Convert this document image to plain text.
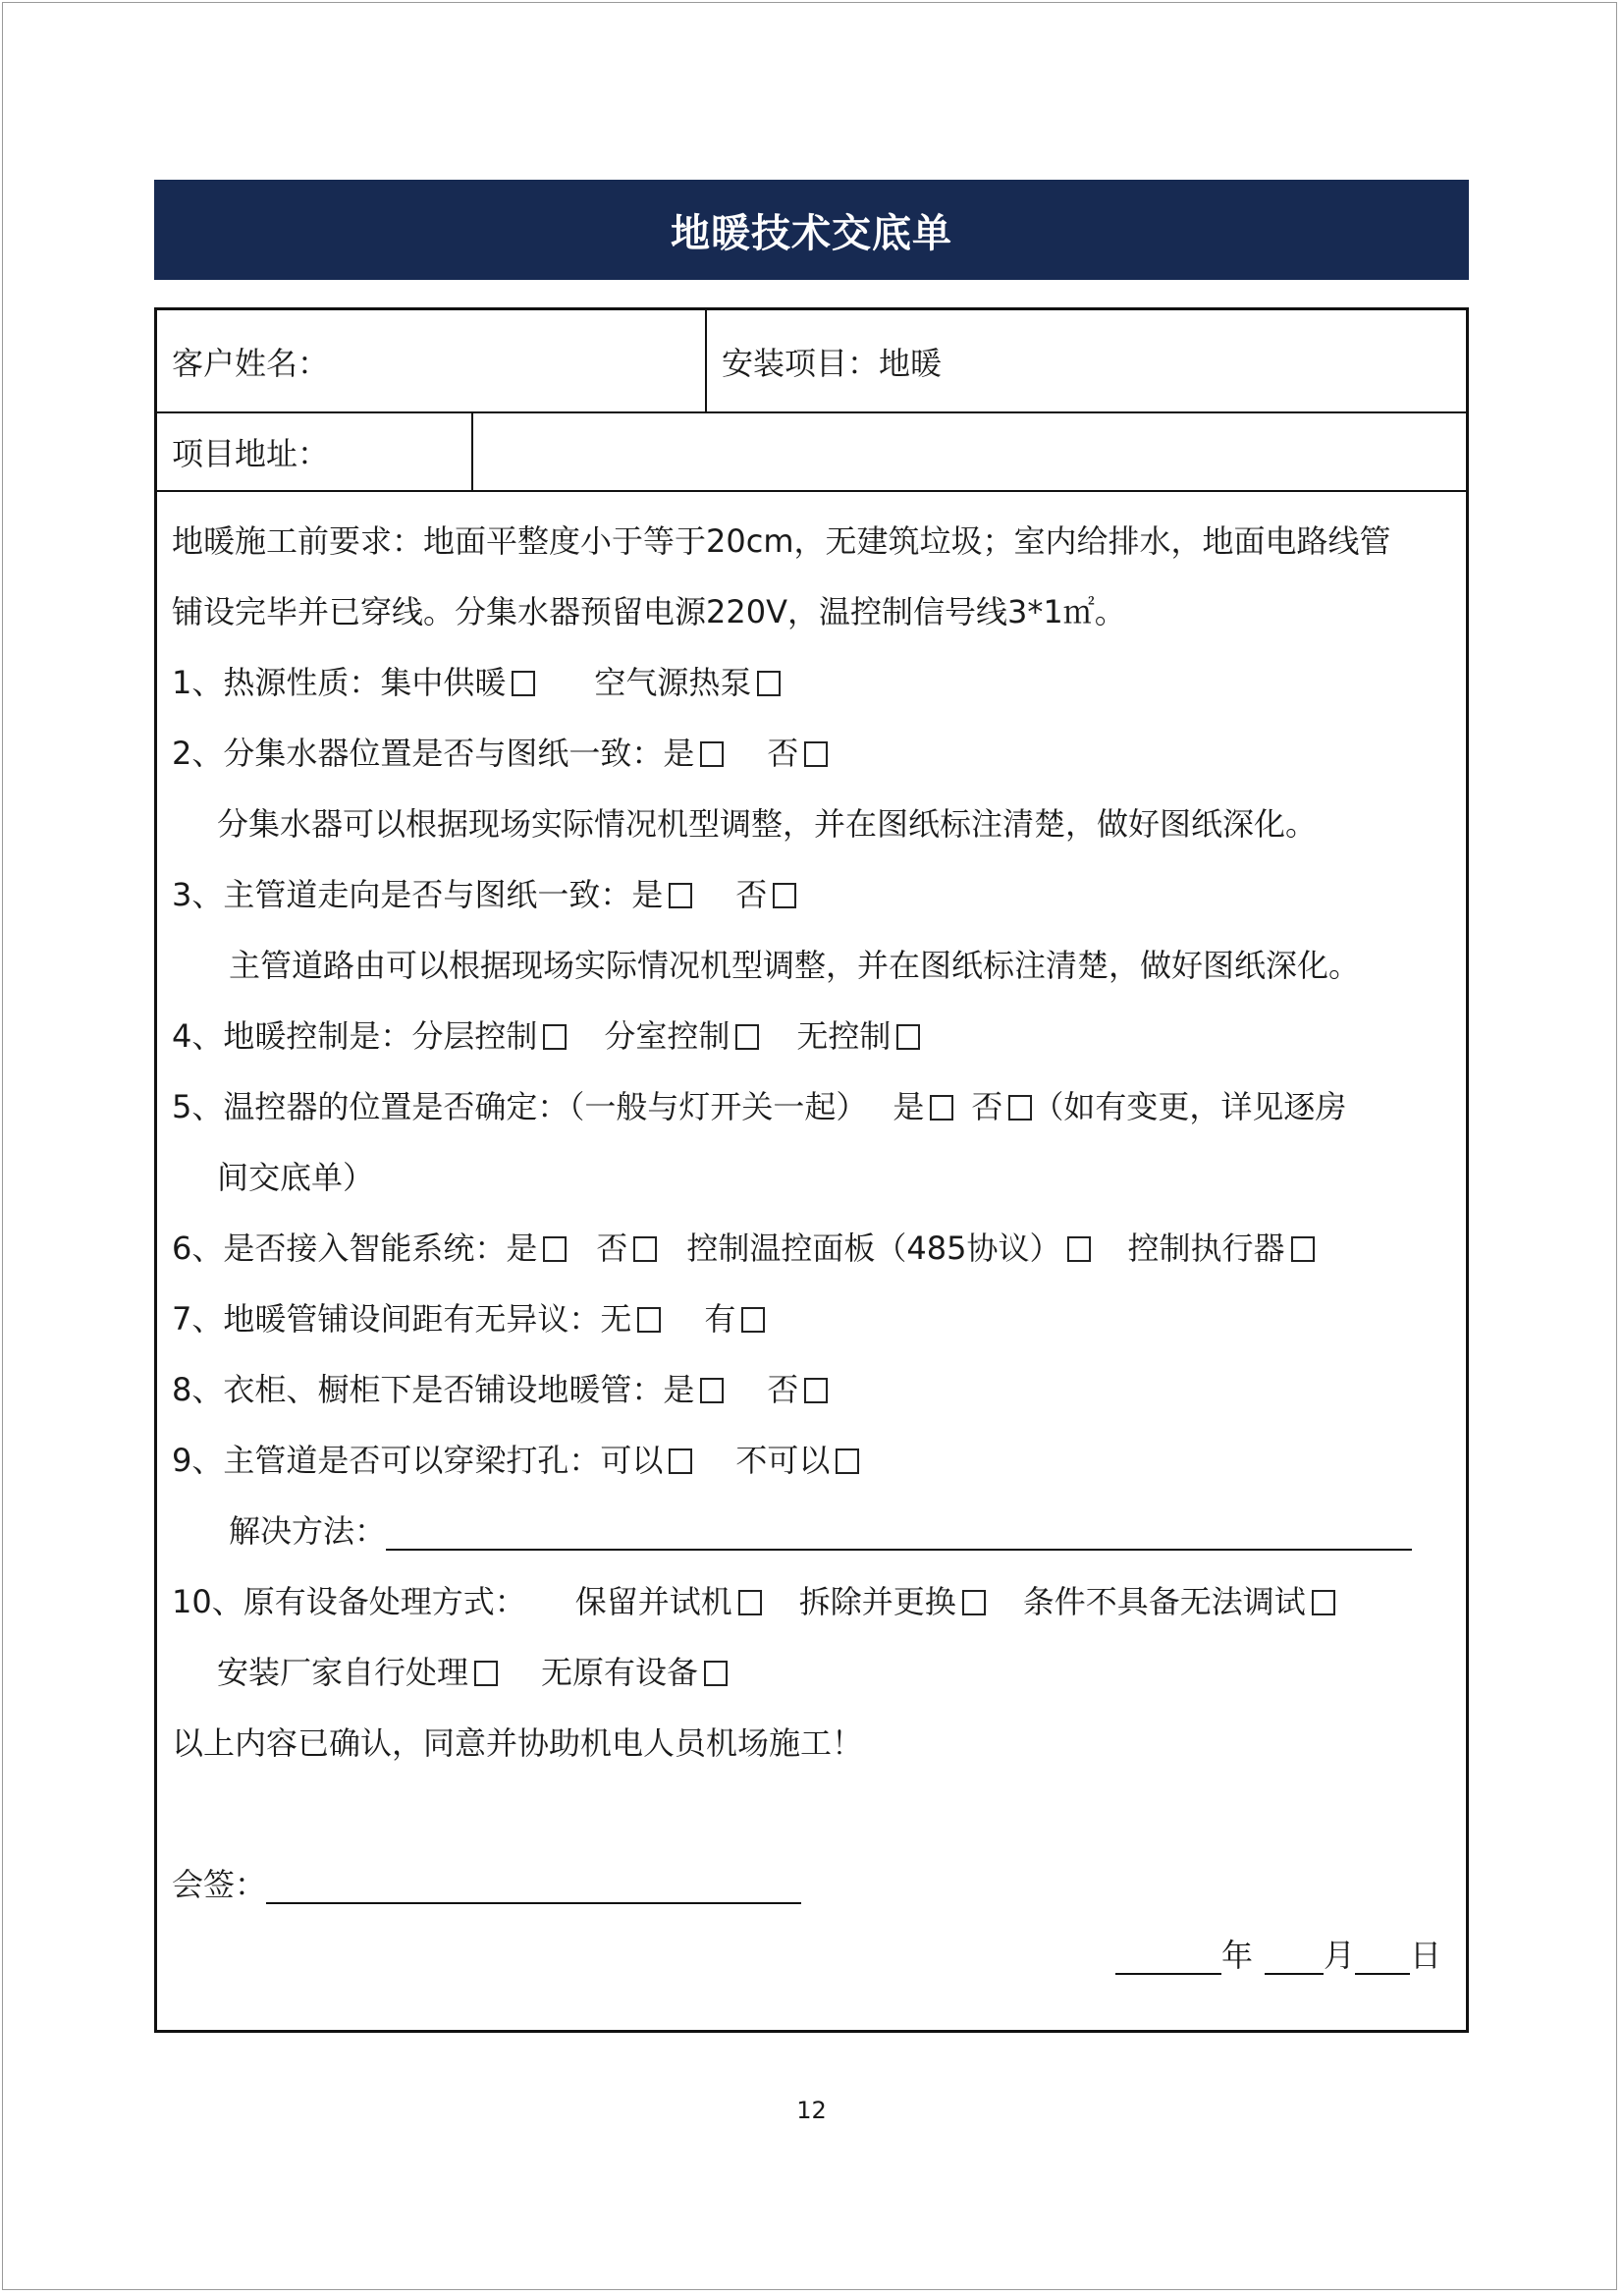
地暖技术交底单
客户姓名：	安装项目：地暖
项目地址：
地暖施工前要求：地面平整度小于等于20cm，无建筑垃圾；室内给排水，地面电路线管
铺设完毕并已穿线。分集水器预留电源220V，温控制信号线3*1㎡。
1、热源性质：集中供暖	空气源热泵
2、分集水器位置是否与图纸一致：是 否
分集水器可以根据现场实际情况机型调整，并在图纸标注清楚，做好图纸深化。
3、主管道走向是否与图纸一致：是 否
主管道路由可以根据现场实际情况机型调整，并在图纸标注清楚，做好图纸深化。
4、地暖控制是：分层控制 分室控制 无控制
5、温控器的位置是否确定：（一般与灯开关一起） 是 否 （如有变更，详见逐房
间交底单）
6、是否接入智能系统：是 否 控制温控面板（485协议） 控制执行器
7、地暖管铺设间距有无异议：无 有
8、衣柜、橱柜下是否铺设地暖管：是 否
9、主管道是否可以穿梁打孔：可以 不可以
解决方法：
10、原有设备处理方式： 保留并试机 拆除并更换 条件不具备无法调试
安装厂家自行处理 无原有设备
以上内容已确认，同意并协助机电人员机场施工！
会签：
年 月 日
12
